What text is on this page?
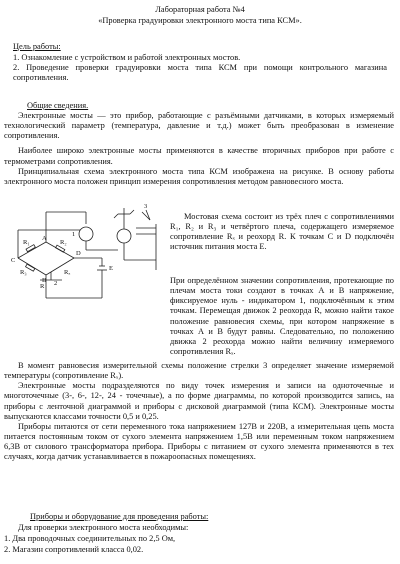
Лабораторная работа №4
«Проверка градуировки электронного моста типа КСМ».
Цель работы:

1. Ознакомление с устройством и работой электронных мостов.

2. Проведение проверки градуировки моста типа КСМ при помощи контрольного магазина сопротивления.

Общие сведения.

Электронные мосты — это прибор, работающие с разъёмными датчиками, в которых измеряемый технологический параметр (температура, давление и т.д.) может быть преобразован в изменение сопротивления.

Наиболее широко электронные мосты применяются в качестве вторичных приборов при работе с термометрами сопротивления.

Принципиальная схема электронного моста типа КСМ изображена на рисунке. В основу работы электронного моста положен принцип измерения сопротивления методом равновесного моста.

1
2
3
R₁	R₂
R₃	Rₓ
R
A
B
C
D
E

Мостовая схема состоит из трёх плеч с сопротивлениями R₁, R₂ и R₃ и четвёртого плеча, содержащего измеряемое сопротивление Rₓ и реохорд R. К точкам С и D подключён источник питания моста Е.

При определённом значении сопротивления, протекающие по плечам моста токи создают в точках А и В напряжение, фиксируемое нуль - индикатором 1, подключённым к этим точкам. Перемещая движок 2 реохорда R, можно найти такое положение равновесия схемы, при котором напряжение в точках А и В будут равны. Следовательно, по положению движка 2 реохорда можно найти величину измеряемого сопротивления Rₓ.

В момент равновесия измерительной схемы положение стрелки 3 определяет значение измеряемой температуры (сопротивление Rₓ).

Электронные мосты подразделяются по виду точек измерения и записи на одноточечные и многоточечные (3-, 6-, 12-, 24 - точечные), а по форме диаграммы, по которой производится запись, на приборы с ленточной диаграммой и приборы с дисковой диаграммой (типа КСМ). Электронные мосты выпускаются классами точности 0,5 и 0,25.

Приборы питаются от сети переменного тока напряжением 127В и 220В, а измерительная цепь моста питается постоянным током от сухого элемента напряжением 1,5В или переменным током напряжением 6,3В от силового трансформатора прибора. Приборы с питанием от сухого элемента применяются в тех случаях, когда датчик устанавливается в пожароопасных помещениях.

Приборы и оборудование для проведения работы:
Для проверки электронного моста необходимы:
1. Два проводочных соединительных по 2,5 Ом,
2. Магазин сопротивлений класса 0,02.
